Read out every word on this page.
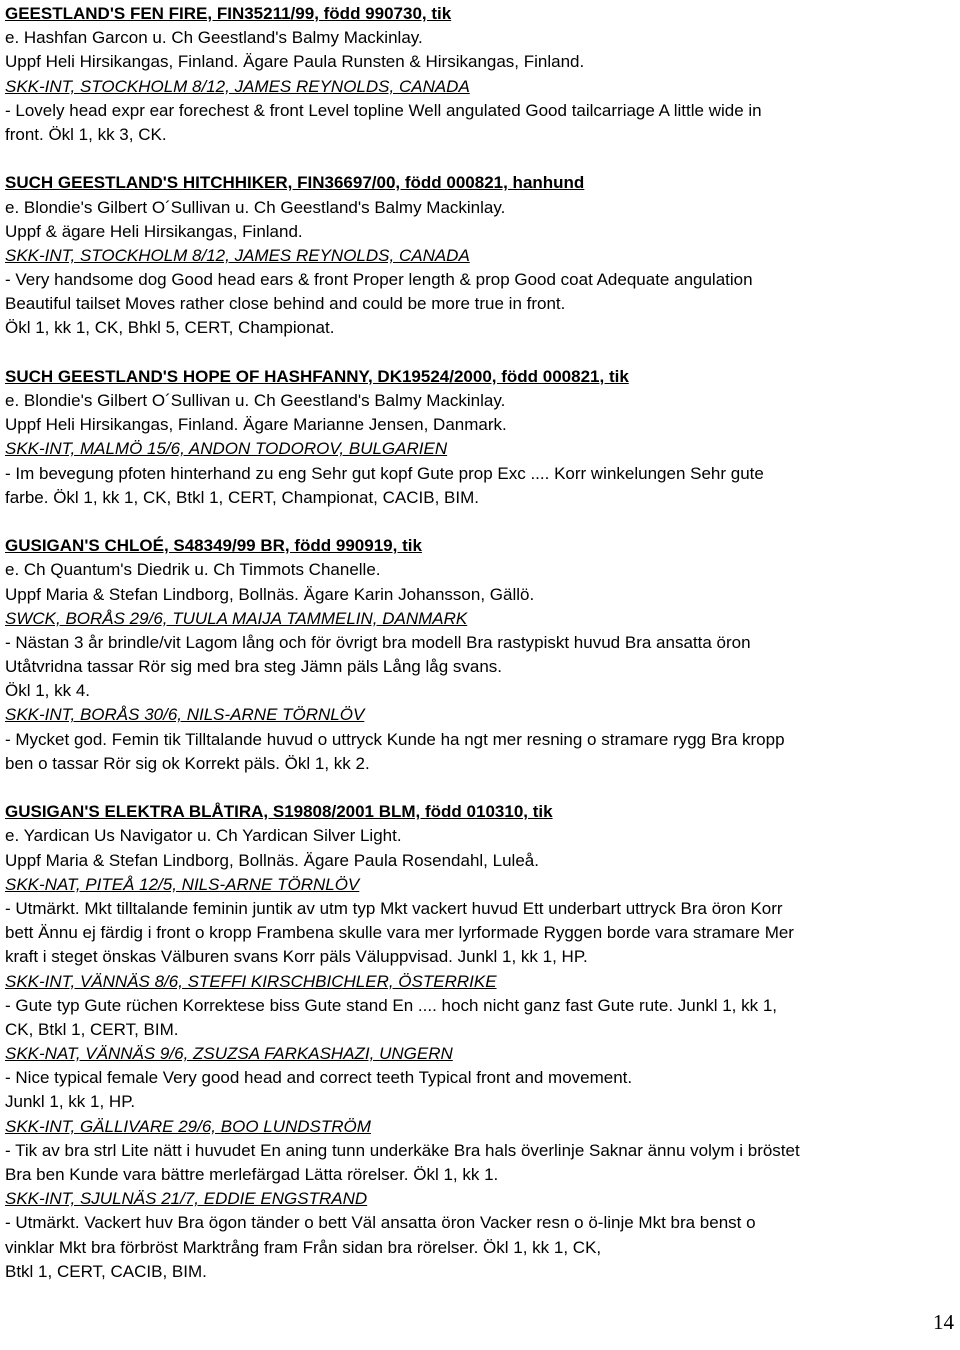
GEESTLAND'S FEN FIRE, FIN35211/99, född 990730, tik
e. Hashfan Garcon u. Ch Geestland's Balmy Mackinlay.
Uppf Heli Hirsikangas, Finland. Ägare Paula Runsten & Hirsikangas, Finland.
SKK-INT, STOCKHOLM 8/12, JAMES REYNOLDS, CANADA
- Lovely head expr ear forechest & front Level topline Well angulated Good tailcarriage A little wide in
front. Ökl 1, kk 3, CK.
SUCH GEESTLAND'S HITCHHIKER, FIN36697/00, född 000821, hanhund
e. Blondie's Gilbert O´Sullivan u. Ch Geestland's Balmy Mackinlay.
Uppf & ägare Heli Hirsikangas, Finland.
SKK-INT, STOCKHOLM 8/12, JAMES REYNOLDS, CANADA
- Very handsome dog Good head ears & front Proper length & prop Good coat Adequate angulation
Beautiful tailset Moves rather close behind and could be more true in front.
Ökl 1, kk 1, CK, Bhkl 5, CERT, Championat.
SUCH GEESTLAND'S HOPE OF HASHFANNY, DK19524/2000, född 000821, tik
e. Blondie's Gilbert O´Sullivan u. Ch Geestland's Balmy Mackinlay.
Uppf Heli Hirsikangas, Finland. Ägare Marianne Jensen, Danmark.
SKK-INT, MALMÖ 15/6, ANDON TODOROV, BULGARIEN
- Im bevegung pfoten hinterhand zu eng Sehr gut kopf Gute prop Exc .... Korr winkelungen Sehr gute
farbe. Ökl 1, kk 1, CK, Btkl 1, CERT, Championat, CACIB, BIM.
GUSIGAN'S CHLOÉ, S48349/99 BR, född 990919, tik
e. Ch Quantum's Diedrik u. Ch Timmots Chanelle.
Uppf Maria & Stefan Lindborg, Bollnäs. Ägare Karin Johansson, Gällö.
SWCK, BORÅS 29/6, TUULA MAIJA TAMMELIN, DANMARK
- Nästan 3 år brindle/vit Lagom lång och för övrigt bra modell Bra rastypiskt huvud Bra ansatta öron
Utåtvridna tassar Rör sig med bra steg Jämn päls Lång låg svans.
Ökl 1, kk 4.
SKK-INT, BORÅS 30/6, NILS-ARNE TÖRNLÖV
- Mycket god. Femin tik Tilltalande huvud o uttryck Kunde ha ngt mer resning o stramare rygg Bra kropp
ben o tassar Rör sig ok Korrekt päls. Ökl 1, kk 2.
GUSIGAN'S ELEKTRA BLÅTIRA, S19808/2001 BLM, född 010310, tik
e. Yardican Us Navigator u. Ch Yardican Silver Light.
Uppf Maria & Stefan Lindborg, Bollnäs. Ägare Paula Rosendahl, Luleå.
SKK-NAT, PITEÅ 12/5, NILS-ARNE TÖRNLÖV
- Utmärkt. Mkt tilltalande feminin juntik av utm typ Mkt vackert huvud Ett underbart uttryck Bra öron Korr
bett Ännu ej färdig i front o kropp Frambena skulle vara mer lyrformade Ryggen borde vara stramare Mer
kraft i steget önskas Välburen svans Korr päls Väluppvisad. Junkl 1, kk 1, HP.
SKK-INT, VÄNNÄS 8/6, STEFFI KIRSCHBICHLER, ÖSTERRIKE
- Gute typ Gute rüchen Korrektese biss Gute stand En .... hoch nicht ganz fast Gute rute. Junkl 1, kk 1,
CK, Btkl 1, CERT, BIM.
SKK-NAT, VÄNNÄS 9/6, ZSUZSA FARKASHAZI, UNGERN
- Nice typical female Very good head and correct teeth Typical front and movement.
Junkl 1, kk 1, HP.
SKK-INT, GÄLLIVARE 29/6, BOO LUNDSTRÖM
- Tik av bra strl Lite nätt i huvudet En aning tunn underkäke Bra hals överlinje Saknar ännu volym i bröstet
Bra ben Kunde vara bättre merlefärgad Lätta rörelser. Ökl 1, kk 1.
SKK-INT, SJULNÄS 21/7, EDDIE ENGSTRAND
- Utmärkt. Vackert huv Bra ögon tänder o bett Väl ansatta öron Vacker resn o ö-linje Mkt bra benst o
vinklar Mkt bra förbröst Marktrång fram Från sidan bra rörelser. Ökl 1, kk 1, CK,
Btkl 1, CERT, CACIB, BIM.
14
